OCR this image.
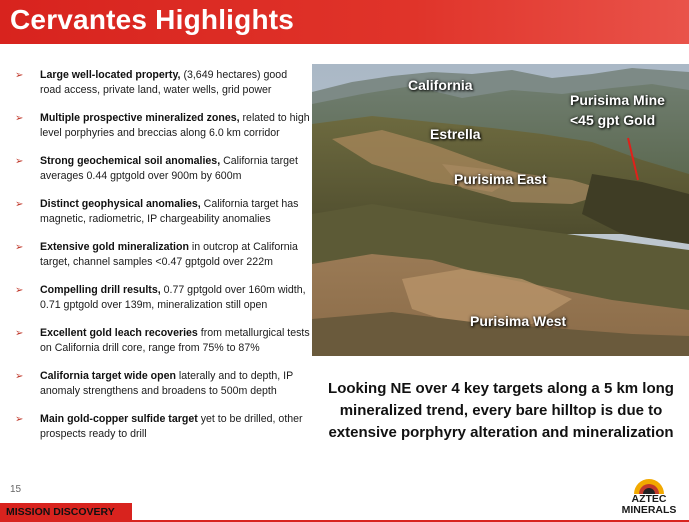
Cervantes Highlights
➢ Large well-located property, (3,649 hectares) good road access, private land, water wells, grid power
➢ Multiple prospective mineralized zones, related to high level porphyries and breccias along 6.0 km corridor
➢ Strong geochemical soil anomalies, California target averages 0.44 gptgold over 900m by 600m
➢ Distinct geophysical anomalies, California target has magnetic, radiometric, IP chargeability anomalies
➢ Extensive gold mineralization in outcrop at California target, channel samples <0.47 gptgold over 222m
➢ Compelling drill results, 0.77 gptgold over 160m width, 0.71 gptgold over 139m, mineralization still open
➢ Excellent gold leach recoveries from metallurgical tests on California drill core, range from 75% to 87%
➢ California target wide open laterally and to depth, IP anomaly strengthens and broadens to 500m depth
➢ Main gold-copper sulfide target yet to be drilled, other prospects ready to drill
California
Purisima Mine
<45 gpt Gold
Estrella
Purisima East
Purisima West
Looking NE over 4 key targets along a 5 km long mineralized trend, every bare hilltop is due to extensive porphyry alteration and mineralization
15
MISSION DISCOVERY
AZTEC
MINERALS
